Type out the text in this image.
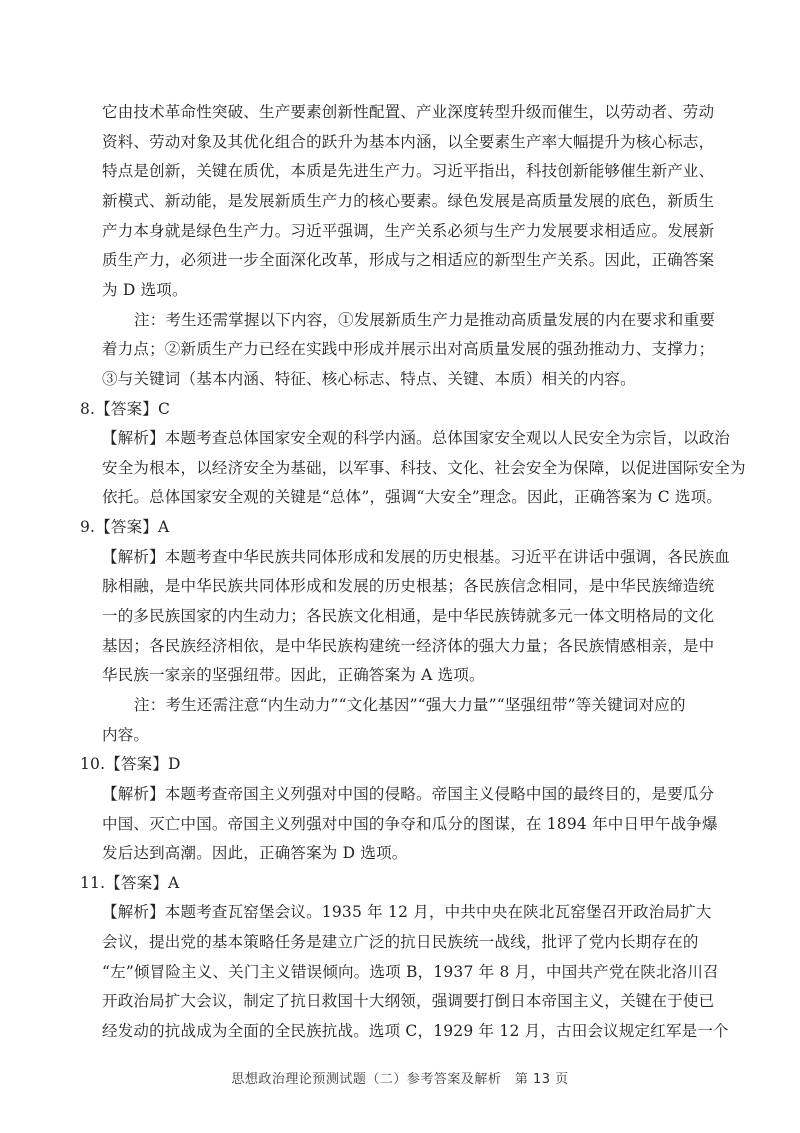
它由技术革命性突破、生产要素创新性配置、产业深度转型升级而催生，以劳动者、劳动
资料、劳动对象及其优化组合的跃升为基本内涵，以全要素生产率大幅提升为核心标志，
特点是创新，关键在质优，本质是先进生产力。习近平指出，科技创新能够催生新产业、
新模式、新动能，是发展新质生产力的核心要素。绿色发展是高质量发展的底色，新质生
产力本身就是绿色生产力。习近平强调，生产关系必须与生产力发展要求相适应。发展新
质生产力，必须进一步全面深化改革，形成与之相适应的新型生产关系。因此，正确答案
为 D 选项。
注：考生还需掌握以下内容，①发展新质生产力是推动高质量发展的内在要求和重要
着力点；②新质生产力已经在实践中形成并展示出对高质量发展的强劲推动力、支撑力；
③与关键词（基本内涵、特征、核心标志、特点、关键、本质）相关的内容。
8.【答案】C
【解析】本题考查总体国家安全观的科学内涵。总体国家安全观以人民安全为宗旨，以政治
安全为根本，以经济安全为基础，以军事、科技、文化、社会安全为保障，以促进国际安全为
依托。总体国家安全观的关键是“总体”，强调“大安全”理念。因此，正确答案为 C 选项。
9.【答案】A
【解析】本题考查中华民族共同体形成和发展的历史根基。习近平在讲话中强调，各民族血
脉相融，是中华民族共同体形成和发展的历史根基；各民族信念相同，是中华民族缔造统
一的多民族国家的内生动力；各民族文化相通，是中华民族铸就多元一体文明格局的文化
基因；各民族经济相依，是中华民族构建统一经济体的强大力量；各民族情感相亲，是中
华民族一家亲的坚强纽带。因此，正确答案为 A 选项。
注：考生还需注意“内生动力”“文化基因”“强大力量”“坚强纽带”等关键词对应的
内容。
10.【答案】D
【解析】本题考查帝国主义列强对中国的侵略。帝国主义侵略中国的最终目的，是要瓜分
中国、灭亡中国。帝国主义列强对中国的争夺和瓜分的图谋，在 1894 年中日甲午战争爆
发后达到高潮。因此，正确答案为 D 选项。
11.【答案】A
【解析】本题考查瓦窑堡会议。1935 年 12 月，中共中央在陕北瓦窑堡召开政治局扩大
会议，提出党的基本策略任务是建立广泛的抗日民族统一战线，批评了党内长期存在的
“左”倾冒险主义、关门主义错误倾向。选项 B，1937 年 8 月，中国共产党在陕北洛川召
开政治局扩大会议，制定了抗日救国十大纲领，强调要打倒日本帝国主义，关键在于使已
经发动的抗战成为全面的全民族抗战。选项 C，1929 年 12 月，古田会议规定红军是一个
思想政治理论预测试题（二）参考答案及解析　第 13 页
